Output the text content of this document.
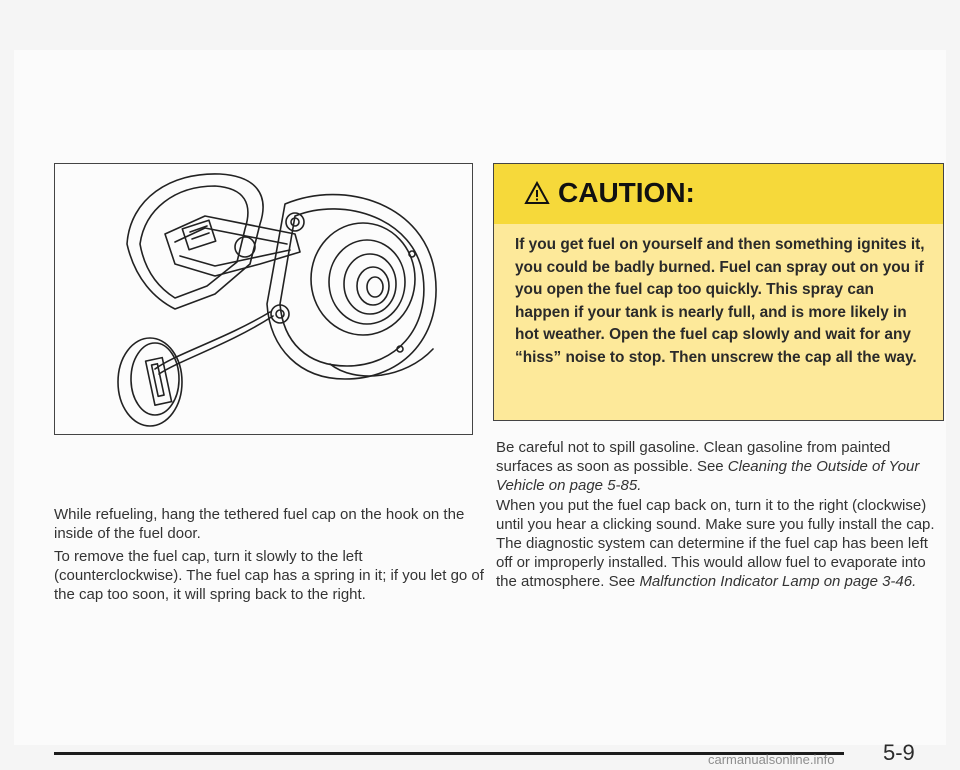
CAUTION:
If you get fuel on yourself and then something ignites it, you could be badly burned. Fuel can spray out on you if you open the fuel cap too quickly. This spray can happen if your tank is nearly full, and is more likely in hot weather. Open the fuel cap slowly and wait for any “hiss” noise to stop. Then unscrew the cap all the way.
While refueling, hang the tethered fuel cap on the hook on the inside of the fuel door.
To remove the fuel cap, turn it slowly to the left (counterclockwise). The fuel cap has a spring in it; if you let go of the cap too soon, it will spring back to the right.
Be careful not to spill gasoline. Clean gasoline from painted surfaces as soon as possible. See Cleaning the Outside of Your Vehicle on page 5-85.
When you put the fuel cap back on, turn it to the right (clockwise) until you hear a clicking sound. Make sure you fully install the cap. The diagnostic system can determine if the fuel cap has been left off or improperly installed. This would allow fuel to evaporate into the atmosphere. See Malfunction Indicator Lamp on page 3-46.
5-9
carmanualsonline.info
